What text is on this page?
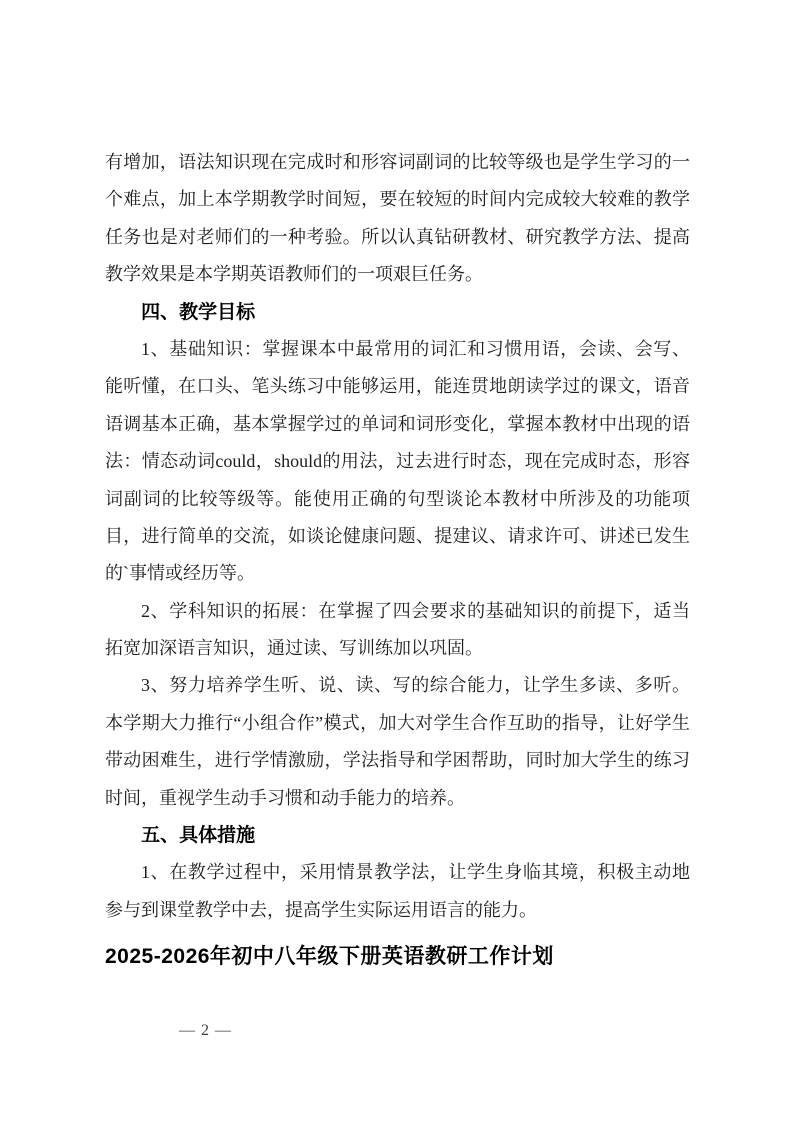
有增加，语法知识现在完成时和形容词副词的比较等级也是学生学习的一
个难点，加上本学期教学时间短，要在较短的时间内完成较大较难的教学
任务也是对老师们的一种考验。所以认真钻研教材、研究教学方法、提高
教学效果是本学期英语教师们的一项艰巨任务。
四、教学目标
1、基础知识：掌握课本中最常用的词汇和习惯用语，会读、会写、
能听懂，在口头、笔头练习中能够运用，能连贯地朗读学过的课文，语音
语调基本正确，基本掌握学过的单词和词形变化，掌握本教材中出现的语
法：情态动词could，should的用法，过去进行时态，现在完成时态，形容
词副词的比较等级等。能使用正确的句型谈论本教材中所涉及的功能项
目，进行简单的交流，如谈论健康问题、提建议、请求许可、讲述已发生
的`事情或经历等。
2、学科知识的拓展：在掌握了四会要求的基础知识的前提下，适当
拓宽加深语言知识，通过读、写训练加以巩固。
3、努力培养学生听、说、读、写的综合能力，让学生多读、多听。
本学期大力推行“小组合作”模式，加大对学生合作互助的指导，让好学生
带动困难生，进行学情激励，学法指导和学困帮助，同时加大学生的练习
时间，重视学生动手习惯和动手能力的培养。
五、具体措施
1、在教学过程中，采用情景教学法，让学生身临其境，积极主动地
参与到课堂教学中去，提高学生实际运用语言的能力。
2025-2026年初中八年级下册英语教研工作计划
— 2 —
